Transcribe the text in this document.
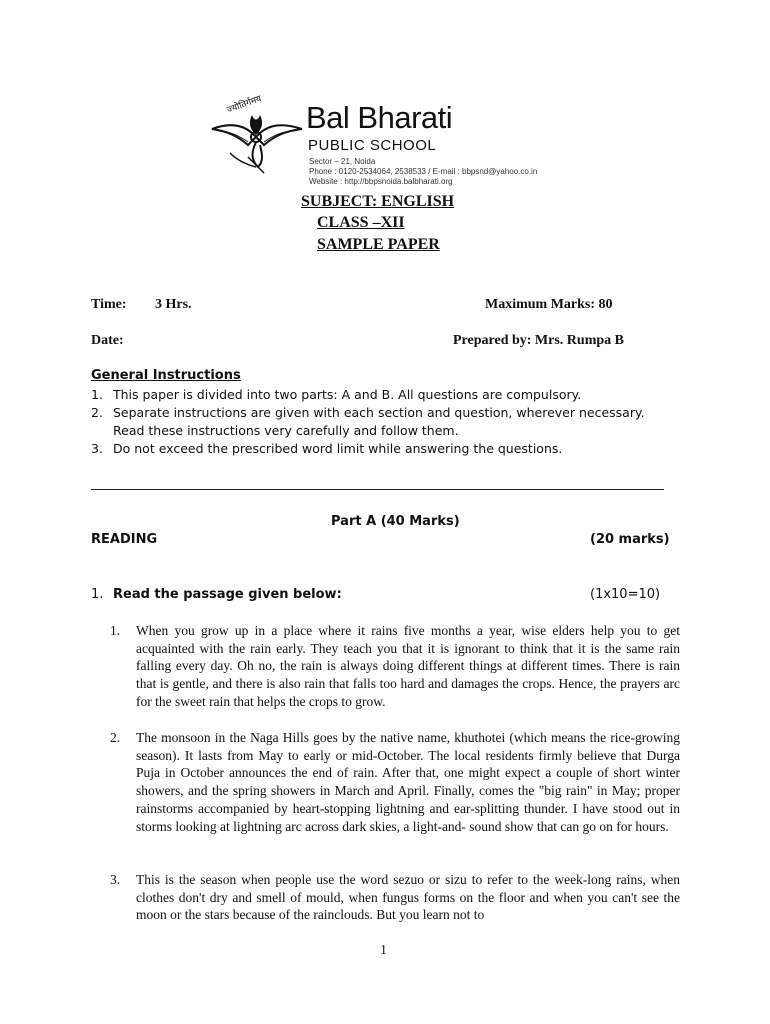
ज्योतिर्गमय Bal Bharati
PUBLIC SCHOOL
Sector – 21, Noida
Phone : 0120-2534064, 2538533 / E-mail : bbpsnd@yahoo.co.in
Website : http://bbpsnoida.balbharati.org
SUBJECT: ENGLISH
CLASS –XII
SAMPLE PAPER
Time: 3 Hrs.	Maximum Marks: 80
Date:	Prepared by: Mrs. Rumpa B
General Instructions
1. This paper is divided into two parts: A and B. All questions are compulsory.
2. Separate instructions are given with each section and question, wherever necessary.
Read these instructions very carefully and follow them.
3. Do not exceed the prescribed word limit while answering the questions.
Part A (40 Marks)
READING	(20 marks)
1. Read the passage given below:	(1x10=10)
1. When you grow up in a place where it rains five months a year, wise elders help you to get acquainted with the rain early. They teach you that it is ignorant to think that it is the same rain falling every day. Oh no, the rain is always doing different things at different times. There is rain that is gentle, and there is also rain that falls too hard and damages the crops. Hence, the prayers arc for the sweet rain that helps the crops to grow.
2. The monsoon in the Naga Hills goes by the native name, khuthotei (which means the rice-growing season). It lasts from May to early or mid-October. The local residents firmly believe that Durga Puja in October announces the end of rain. After that, one might expect a couple of short winter showers, and the spring showers in March and April. Finally, comes the "big rain" in May; proper rainstorms accompanied by heart-stopping lightning and ear-splitting thunder. I have stood out in storms looking at lightning arc across dark skies, a light-and- sound show that can go on for hours.
3. This is the season when people use the word sezuo or sizu to refer to the week-long rains, when clothes don't dry and smell of mould, when fungus forms on the floor and when you can't see the moon or the stars because of the rainclouds. But you learn not to
1
